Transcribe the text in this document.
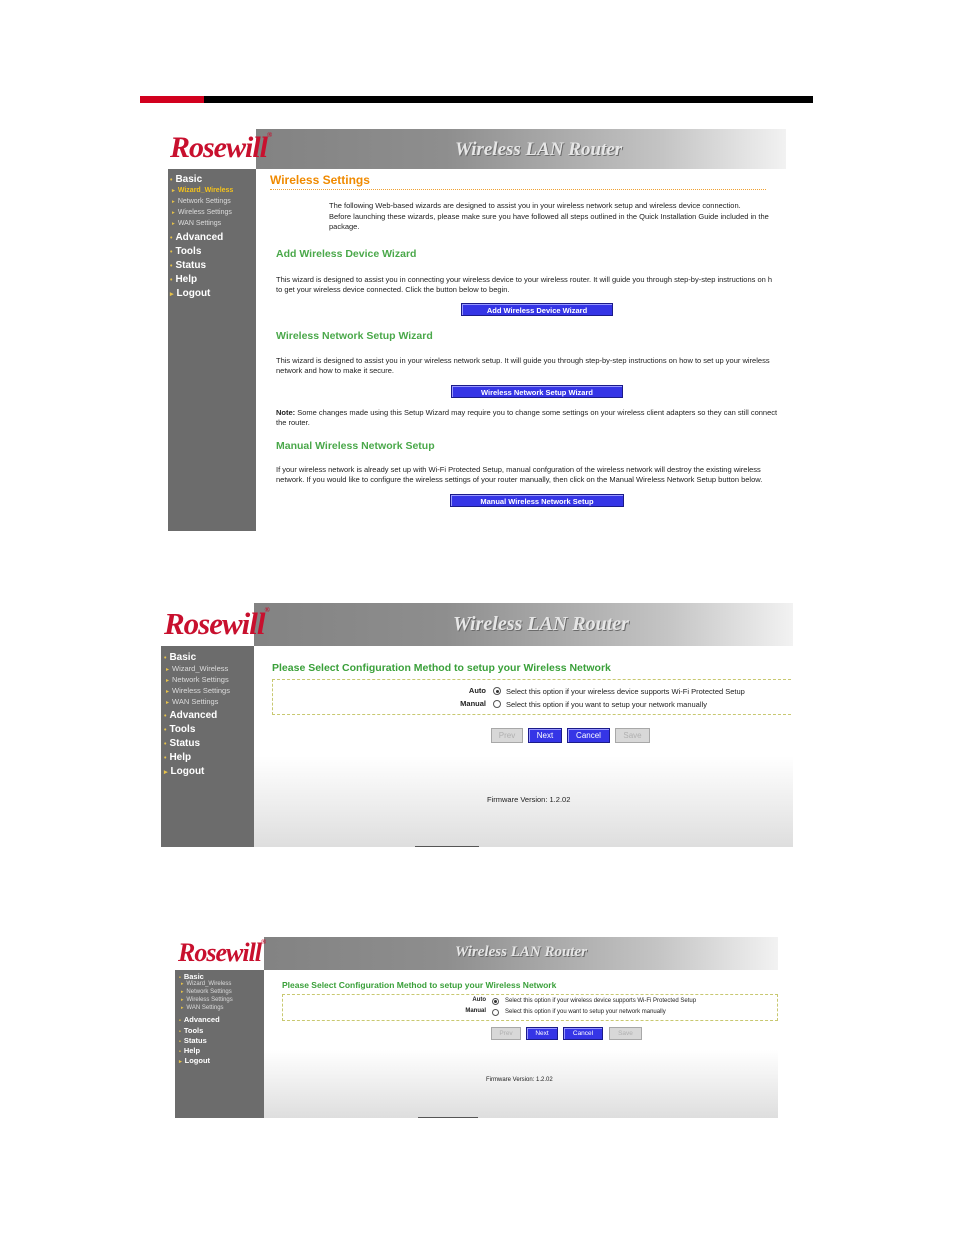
Rosewill®
Wireless LAN Router
• Basic
▸ Wizard_Wireless
▸ Network Settings
▸ Wireless Settings
▸ WAN Settings
• Advanced
• Tools
• Status
• Help
▸ Logout
Wireless Settings
The following Web-based wizards are designed to assist you in your wireless network setup and wireless device connection.
Before launching these wizards, please make sure you have followed all steps outlined in the Quick Installation Guide included in the
package.
Add Wireless Device Wizard
This wizard is designed to assist you in connecting your wireless device to your wireless router. It will guide you through step-by-step instructions on h
to get your wireless device connected. Click the button below to begin.
Add Wireless Device Wizard
Wireless Network Setup Wizard
This wizard is designed to assist you in your wireless network setup. It will guide you through step-by-step instructions on how to set up your wireless
network and how to make it secure.
Wireless Network Setup Wizard
Note: Some changes made using this Setup Wizard may require you to change some settings on your wireless client adapters so they can still connect
the router.
Manual Wireless Network Setup
If your wireless network is already set up with Wi-Fi Protected Setup, manual confguration of the wireless network will destroy the existing wireless
network. If you would like to configure the wireless settings of your router manually, then click on the Manual Wireless Network Setup button below.
Manual Wireless Network Setup
Rosewill®
Wireless LAN Router
• Basic
▸ Wizard_Wireless
▸ Network Settings
▸ Wireless Settings
▸ WAN Settings
• Advanced
• Tools
• Status
• Help
▸ Logout
Please Select Configuration Method to setup your Wireless Network
Auto	Select this option if your wireless device supports Wi-Fi Protected Setup
Manual	Select this option if you want to setup your network manually
Prev	Next	Cancel	Save
Firmware Version: 1.2.02
Rosewill®
Wireless LAN Router
• Basic
▸ Wizard_Wireless
▸ Network Settings
▸ Wireless Settings
▸ WAN Settings
• Advanced
• Tools
• Status
• Help
▸ Logout
Please Select Configuration Method to setup your Wireless Network
Auto	Select this option if your wireless device supports Wi-Fi Protected Setup
Manual	Select this option if you want to setup your network manually
Prev	Next	Cancel	Save
Firmware Version: 1.2.02
